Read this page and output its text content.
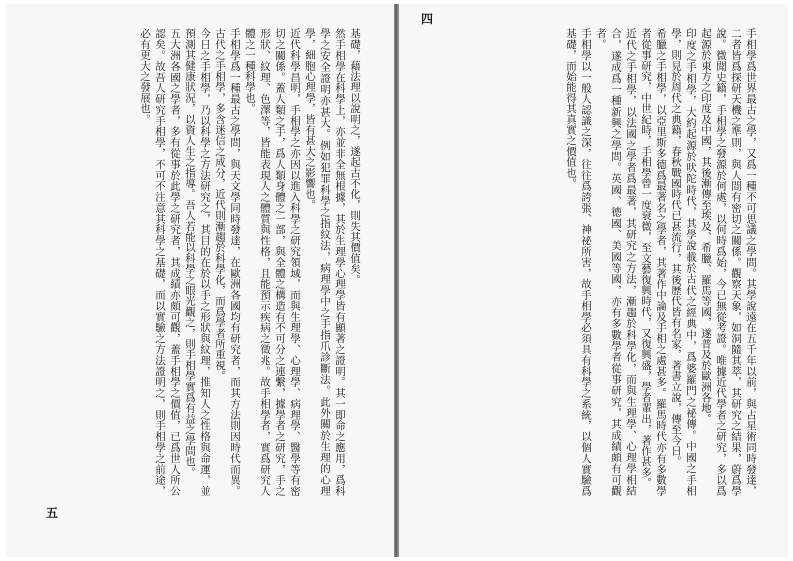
基礎，藉法理以說明之，遂起古不化，則失其價值矣。
然手相學在科學上，亦並非全無根據，其於生理學心理學皆有顯著之證明。其一即命之應用，爲科學之安全證明亦甚大。例如犯罪科學之指紋法，病理學中之手指爪診斷法。此外關於生理的心理學，細胞心理學，皆有甚大之影響也。
近代科學昌明，手相學之亦因以進入科學之研究領域，而與生理學、心理學、病理學、醫學等有密切之關係。蓋人類之手，爲人類身體之一部，與全體之構造有不可分之連繫，據學者之研究，手之形狀、紋理、色澤等，皆能表現人之體質與性格，且能預示疾病之徵兆。故手相學者，實爲研究人體之一種科學也。
手相學爲一種最古之學問，與天文學同時發達，在歐洲各國均有研究者，而其方法則因時代而異。古代之手相學，多含迷信之成分，近代則漸趨於科學化，而爲學者所重視。
今日之手相學，乃以科學之方法研究之，其目的在於以手之形狀與紋理，推知人之性格與命運，並預測其健康狀況，以資人生之指導。吾人若能以科學之眼光觀之，則手相學實爲有益之學問也。
五大洲各國之學者，多有從事於此學之研究者，其成績亦頗可觀，蓋手相學之價值，已爲世人所公認矣。故吾人研究手相學，不可不注意其科學之基礎，而以實驗之方法證明之，則手相學之前途，必有更大之發展也。
五
手相學爲世界最古之學，又爲一種不可思議之學問。其學說遠在五千年以前，與占星術同時發達，二者皆爲探研天機之準則，與人間有密切之關係。觀察天象，如洞隨其萃，其研究之結果，蔚爲學說。微聞史籍，手相學之發源於何處，以何時爲始，今已無從考證。唯據近代學者之研究，多以爲起源於東方之印度及中國，其後漸傳至埃及、希臘、羅馬等國，遂普及於歐洲各地。
印度之手相學，大約起源於吠陀時代，其學說載於古代之經典中，爲婆羅門之祕傳。中國之手相學，則見於周代之典籍，春秋戰國時代已甚流行，其後歷代皆有名家，著書立說，傳至今日。
希臘之手相學，以亞里斯多德爲最著名之學者，其著作中論及手相之處甚多。羅馬時代亦有多數學者從事研究，中世紀時，手相學曾一度衰微，至文藝復興時代，又復興盛，學者輩出，著作甚多。
近代之手相學，以法國之學者爲最著，其研究之方法，漸趨於科學化，而與生理學、心理學相結合，遂成爲一種新興之學問。英國、德國、美國等國，亦有多數學者從事研究，其成績頗有可觀者。
手相學以一般人認識之深，往往爲誇張、神祕所害，故手相學必須具有科學之系統，以個人實驗爲基礎，而始能得其真實之價值也。
四
